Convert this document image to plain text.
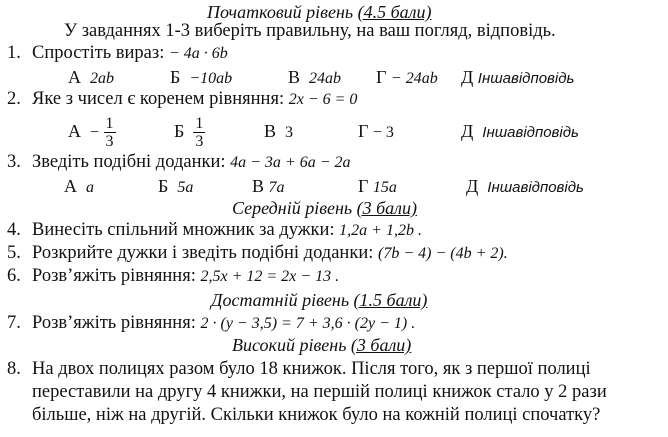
Початковий рівень (4.5 бали)
У завданнях 1-3 виберіть правильну, на ваш погляд, відповідь.
1. Спростіть вираз: − 4a · 6b
А 2ab	Б −10ab	В 24ab Г − 24ab Д Іншавідповідь
2. Яке з чисел є коренем рівняння: 2x − 6 = 0
$А - \frac{1}{3}$	Б $\frac{1}{3}$	В 3	Г − 3	Д Іншавідповідь
3. Зведіть подібні доданки: 4a − 3a + 6a − 2a
А a	Б 5a	В 7a	Г 15a	Д Іншавідповідь
Середній рівень (3 бали)
4. Винесіть спільний множник за дужки: 1,2a + 1,2b .
5. Розкрийте дужки і зведіть подібні доданки: (7b − 4) − (4b + 2).
6. Розв’яжіть рівняння: 2,5x + 12 = 2x − 13 .
Достатній рівень (1.5 бали)
7. Розв’яжіть рівняння: 2 · (y − 3,5) = 7 + 3,6 · (2y − 1) .
Високий рівень (3 бали)
8. На двох полицях разом було 18 книжок. Після того, як з першої полиці
переставили на другу 4 книжки, на першій полиці книжок стало у 2 рази
більше, ніж на другій. Скільки книжок було на кожній полиці спочатку?
